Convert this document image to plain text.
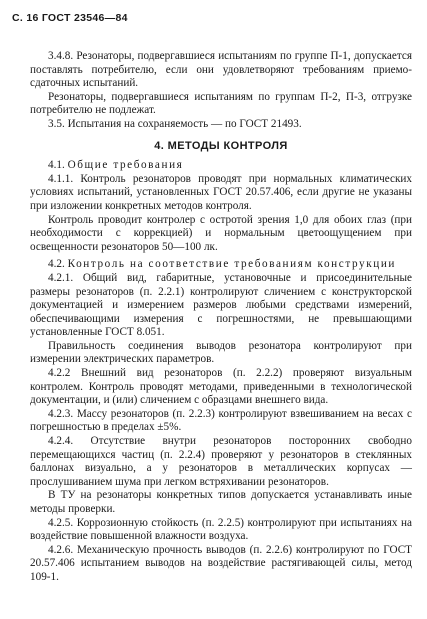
С. 16 ГОСТ 23546—84

3.4.8. Резонаторы, подвергавшиеся испытаниям по группе П-1, допускается поставлять потребителю, если они удовлетворяют требованиям приемо-сдаточных испытаний.

Резонаторы, подвергавшиеся испытаниям по группам П-2, П-3, отгрузке потребителю не подлежат.

3.5. Испытания на сохраняемость — по ГОСТ 21493.

4. МЕТОДЫ КОНТРОЛЯ

4.1. Общие требования

4.1.1. Контроль резонаторов проводят при нормальных климатических условиях испытаний, установленных ГОСТ 20.57.406, если другие не указаны при изложении конкретных методов контроля.

Контроль проводит контролер с остротой зрения 1,0 для обоих глаз (при необходимости с коррекцией) и нормальным цветоощущением при освещенности резонаторов 50—100 лк.

4.2. Контроль на соответствие требованиям конструкции

4.2.1. Общий вид, габаритные, установочные и присоединительные размеры резонаторов (п. 2.2.1) контролируют сличением с конструкторской документацией и измерением размеров любыми средствами измерений, обеспечивающими измерения с погрешностями, не превышающими установленные ГОСТ 8.051.

Правильность соединения выводов резонатора контролируют при измерении электрических параметров.

4.2.2 Внешний вид резонаторов (п. 2.2.2) проверяют визуальным контролем. Контроль проводят методами, приведенными в технологической документации, и (или) сличением с образцами внешнего вида.

4.2.3. Массу резонаторов (п. 2.2.3) контролируют взвешиванием на весах с погрешностью в пределах ±5%.

4.2.4. Отсутствие внутри резонаторов посторонних свободно перемещающихся частиц (п. 2.2.4) проверяют у резонаторов в стеклянных баллонах визуально, а у резонаторов в металлических корпусах — прослушиванием шума при легком встряхивании резонаторов.

В ТУ на резонаторы конкретных типов допускается устанавливать иные методы проверки.

4.2.5. Коррозионную стойкость (п. 2.2.5) контролируют при испытаниях на воздействие повышенной влажности воздуха.

4.2.6. Механическую прочность выводов (п. 2.2.6) контролируют по ГОСТ 20.57.406 испытанием выводов на воздействие растягивающей силы, метод 109-1.
